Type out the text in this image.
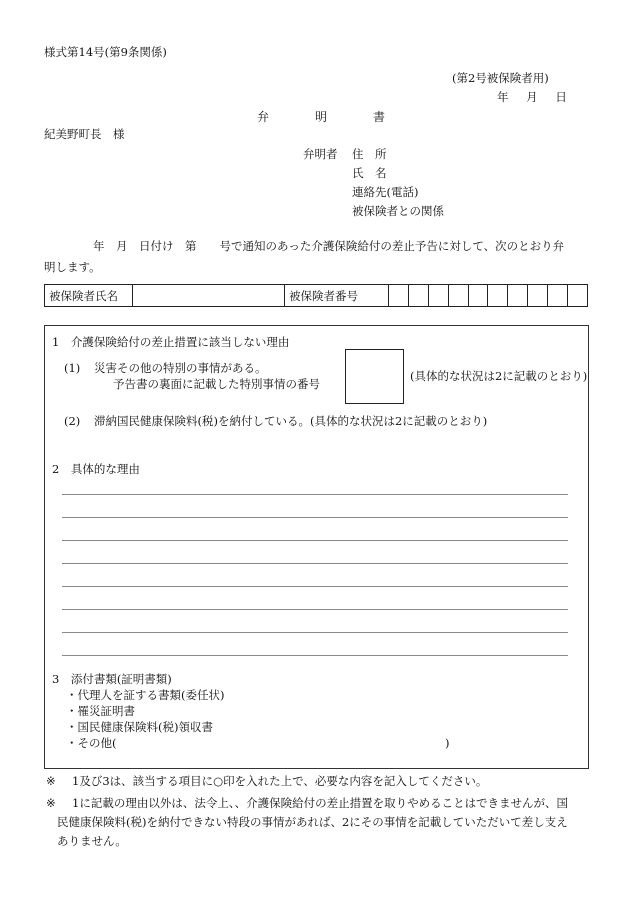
様式第14号(第9条関係)
(第2号被保険者用)
年 月 日
弁	明	書
紀美野町長　様
弁明者 住　所
氏　名
連絡先(電話)
被保険者との関係
年　月　日付け　第　　号で通知のあった介護保険給付の差止予告に対して、次のとおり弁
明します。
被保険者氏名		被保険者番号										
1　介護保険給付の差止措置に該当しない理由
(1) 災害その他の特別の事情がある。
予告書の裏面に記載した特別事情の番号
(具体的な状況は2に記載のとおり)
(2) 滞納国民健康保険料(税)を納付している。(具体的な状況は2に記載のとおり)
2　具体的な理由
3　添付書類(証明書類)
・代理人を証する書類(委任状)
・罹災証明書
・国民健康保険料(税)領収書
・その他(	)
※ 1及び3は、該当する項目に○印を入れた上で、必要な内容を記入してください。
※ 1に記載の理由以外は、法令上、、介護保険給付の差止措置を取りやめることはできませんが、国
民健康保険料(税)を納付できない特段の事情があれば、2にその事情を記載していただいて差し支え
ありません。
